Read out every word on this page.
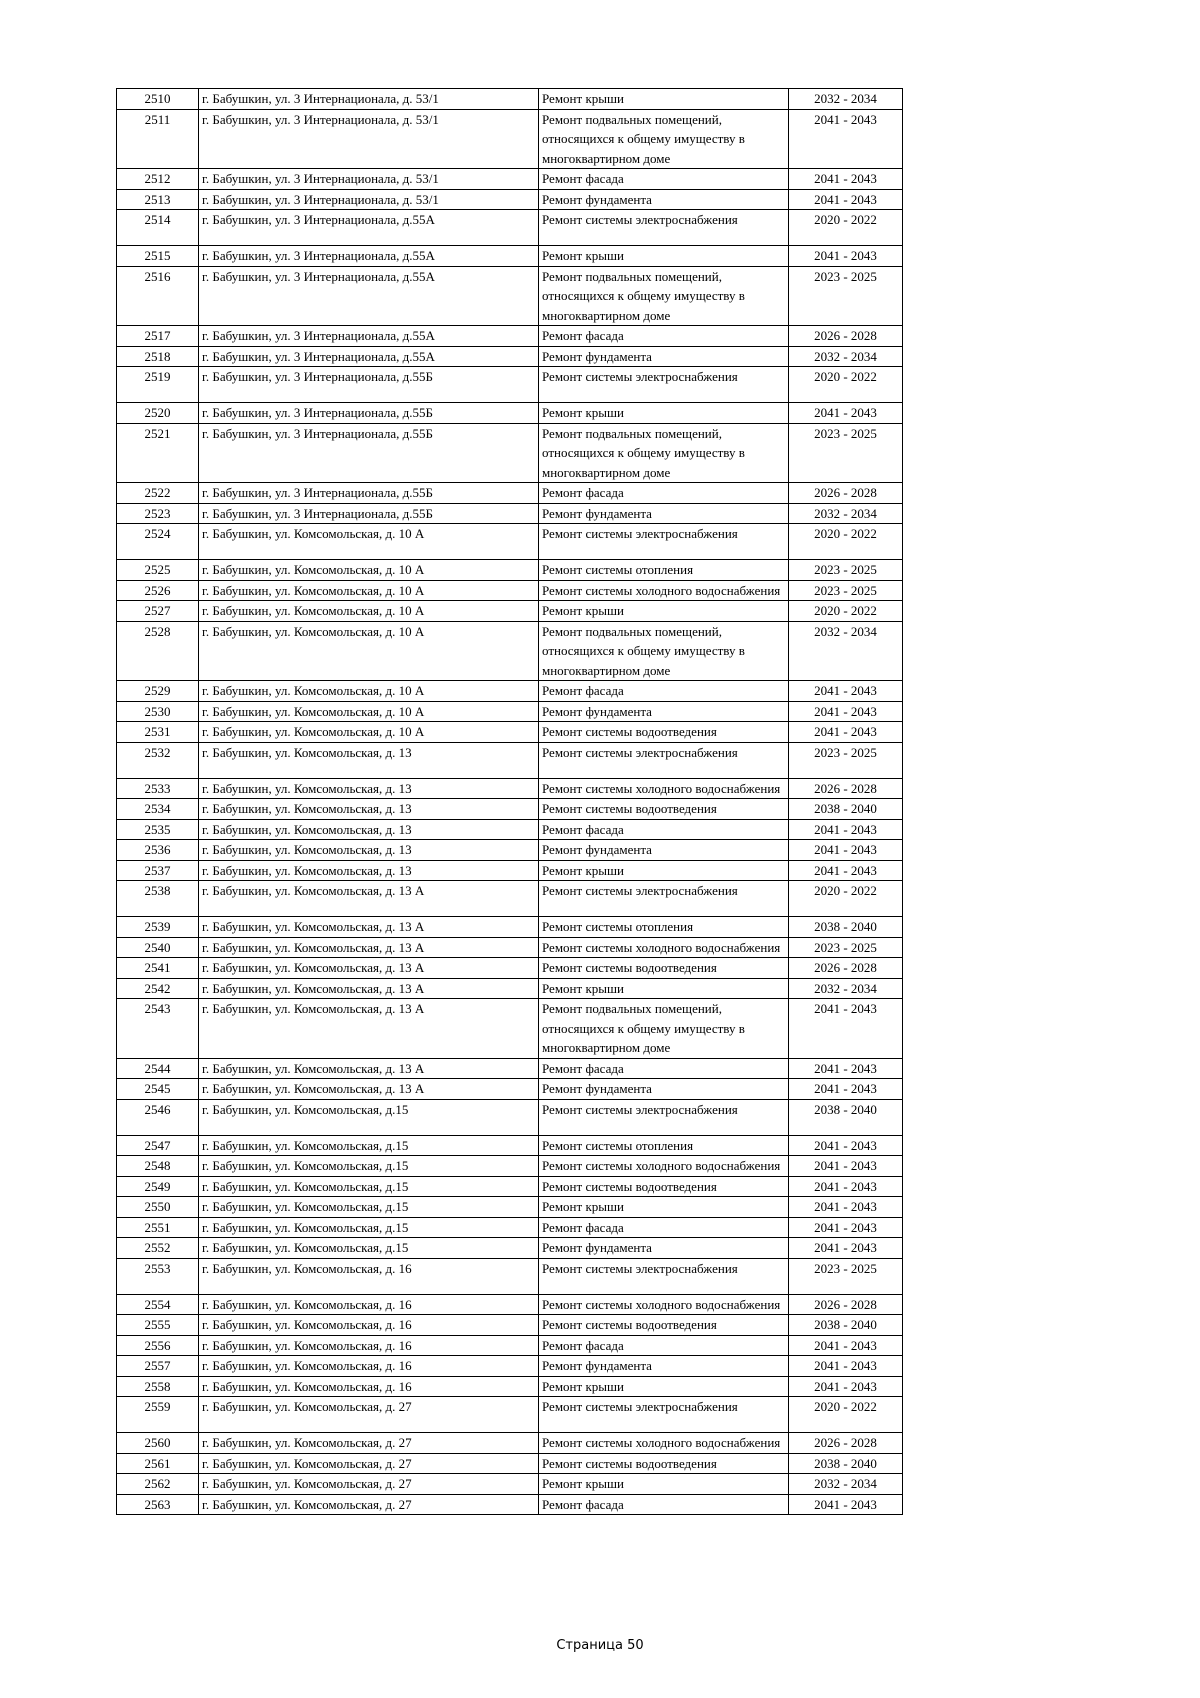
2510	г. Бабушкин, ул. 3 Интернационала, д. 53/1	Ремонт крыши	2032 - 2034
2511	г. Бабушкин, ул. 3 Интернационала, д. 53/1	Ремонт подвальных помещений, относящихся к общему имуществу в многоквартирном доме	2041 - 2043
2512	г. Бабушкин, ул. 3 Интернационала, д. 53/1	Ремонт фасада	2041 - 2043
2513	г. Бабушкин, ул. 3 Интернационала, д. 53/1	Ремонт фундамента	2041 - 2043
2514	г. Бабушкин, ул. 3 Интернационала, д.55А	Ремонт системы электроснабжения	2020 - 2022
2515	г. Бабушкин, ул. 3 Интернационала, д.55А	Ремонт крыши	2041 - 2043
2516	г. Бабушкин, ул. 3 Интернационала, д.55А	Ремонт подвальных помещений, относящихся к общему имуществу в многоквартирном доме	2023 - 2025
2517	г. Бабушкин, ул. 3 Интернационала, д.55А	Ремонт фасада	2026 - 2028
2518	г. Бабушкин, ул. 3 Интернационала, д.55А	Ремонт фундамента	2032 - 2034
2519	г. Бабушкин, ул. 3 Интернационала, д.55Б	Ремонт системы электроснабжения	2020 - 2022
2520	г. Бабушкин, ул. 3 Интернационала, д.55Б	Ремонт крыши	2041 - 2043
2521	г. Бабушкин, ул. 3 Интернационала, д.55Б	Ремонт подвальных помещений, относящихся к общему имуществу в многоквартирном доме	2023 - 2025
2522	г. Бабушкин, ул. 3 Интернационала, д.55Б	Ремонт фасада	2026 - 2028
2523	г. Бабушкин, ул. 3 Интернационала, д.55Б	Ремонт фундамента	2032 - 2034
2524	г. Бабушкин, ул. Комсомольская, д. 10 А	Ремонт системы электроснабжения	2020 - 2022
2525	г. Бабушкин, ул. Комсомольская, д. 10 А	Ремонт системы отопления	2023 - 2025
2526	г. Бабушкин, ул. Комсомольская, д. 10 А	Ремонт системы холодного водоснабжения	2023 - 2025
2527	г. Бабушкин, ул. Комсомольская, д. 10 А	Ремонт крыши	2020 - 2022
2528	г. Бабушкин, ул. Комсомольская, д. 10 А	Ремонт подвальных помещений, относящихся к общему имуществу в многоквартирном доме	2032 - 2034
2529	г. Бабушкин, ул. Комсомольская, д. 10 А	Ремонт фасада	2041 - 2043
2530	г. Бабушкин, ул. Комсомольская, д. 10 А	Ремонт фундамента	2041 - 2043
2531	г. Бабушкин, ул. Комсомольская, д. 10 А	Ремонт системы водоотведения	2041 - 2043
2532	г. Бабушкин, ул. Комсомольская, д. 13	Ремонт системы электроснабжения	2023 - 2025
2533	г. Бабушкин, ул. Комсомольская, д. 13	Ремонт системы холодного водоснабжения	2026 - 2028
2534	г. Бабушкин, ул. Комсомольская, д. 13	Ремонт системы водоотведения	2038 - 2040
2535	г. Бабушкин, ул. Комсомольская, д. 13	Ремонт фасада	2041 - 2043
2536	г. Бабушкин, ул. Комсомольская, д. 13	Ремонт фундамента	2041 - 2043
2537	г. Бабушкин, ул. Комсомольская, д. 13	Ремонт крыши	2041 - 2043
2538	г. Бабушкин, ул. Комсомольская, д. 13 А	Ремонт системы электроснабжения	2020 - 2022
2539	г. Бабушкин, ул. Комсомольская, д. 13 А	Ремонт системы отопления	2038 - 2040
2540	г. Бабушкин, ул. Комсомольская, д. 13 А	Ремонт системы холодного водоснабжения	2023 - 2025
2541	г. Бабушкин, ул. Комсомольская, д. 13 А	Ремонт системы водоотведения	2026 - 2028
2542	г. Бабушкин, ул. Комсомольская, д. 13 А	Ремонт крыши	2032 - 2034
2543	г. Бабушкин, ул. Комсомольская, д. 13 А	Ремонт подвальных помещений, относящихся к общему имуществу в многоквартирном доме	2041 - 2043
2544	г. Бабушкин, ул. Комсомольская, д. 13 А	Ремонт фасада	2041 - 2043
2545	г. Бабушкин, ул. Комсомольская, д. 13 А	Ремонт фундамента	2041 - 2043
2546	г. Бабушкин, ул. Комсомольская, д.15	Ремонт системы электроснабжения	2038 - 2040
2547	г. Бабушкин, ул. Комсомольская, д.15	Ремонт системы отопления	2041 - 2043
2548	г. Бабушкин, ул. Комсомольская, д.15	Ремонт системы холодного водоснабжения	2041 - 2043
2549	г. Бабушкин, ул. Комсомольская, д.15	Ремонт системы водоотведения	2041 - 2043
2550	г. Бабушкин, ул. Комсомольская, д.15	Ремонт крыши	2041 - 2043
2551	г. Бабушкин, ул. Комсомольская, д.15	Ремонт фасада	2041 - 2043
2552	г. Бабушкин, ул. Комсомольская, д.15	Ремонт фундамента	2041 - 2043
2553	г. Бабушкин, ул. Комсомольская, д. 16	Ремонт системы электроснабжения	2023 - 2025
2554	г. Бабушкин, ул. Комсомольская, д. 16	Ремонт системы холодного водоснабжения	2026 - 2028
2555	г. Бабушкин, ул. Комсомольская, д. 16	Ремонт системы водоотведения	2038 - 2040
2556	г. Бабушкин, ул. Комсомольская, д. 16	Ремонт фасада	2041 - 2043
2557	г. Бабушкин, ул. Комсомольская, д. 16	Ремонт фундамента	2041 - 2043
2558	г. Бабушкин, ул. Комсомольская, д. 16	Ремонт крыши	2041 - 2043
2559	г. Бабушкин, ул. Комсомольская, д. 27	Ремонт системы электроснабжения	2020 - 2022
2560	г. Бабушкин, ул. Комсомольская, д. 27	Ремонт системы холодного водоснабжения	2026 - 2028
2561	г. Бабушкин, ул. Комсомольская, д. 27	Ремонт системы водоотведения	2038 - 2040
2562	г. Бабушкин, ул. Комсомольская, д. 27	Ремонт крыши	2032 - 2034
2563	г. Бабушкин, ул. Комсомольская, д. 27	Ремонт фасада	2041 - 2043
Страница 50
